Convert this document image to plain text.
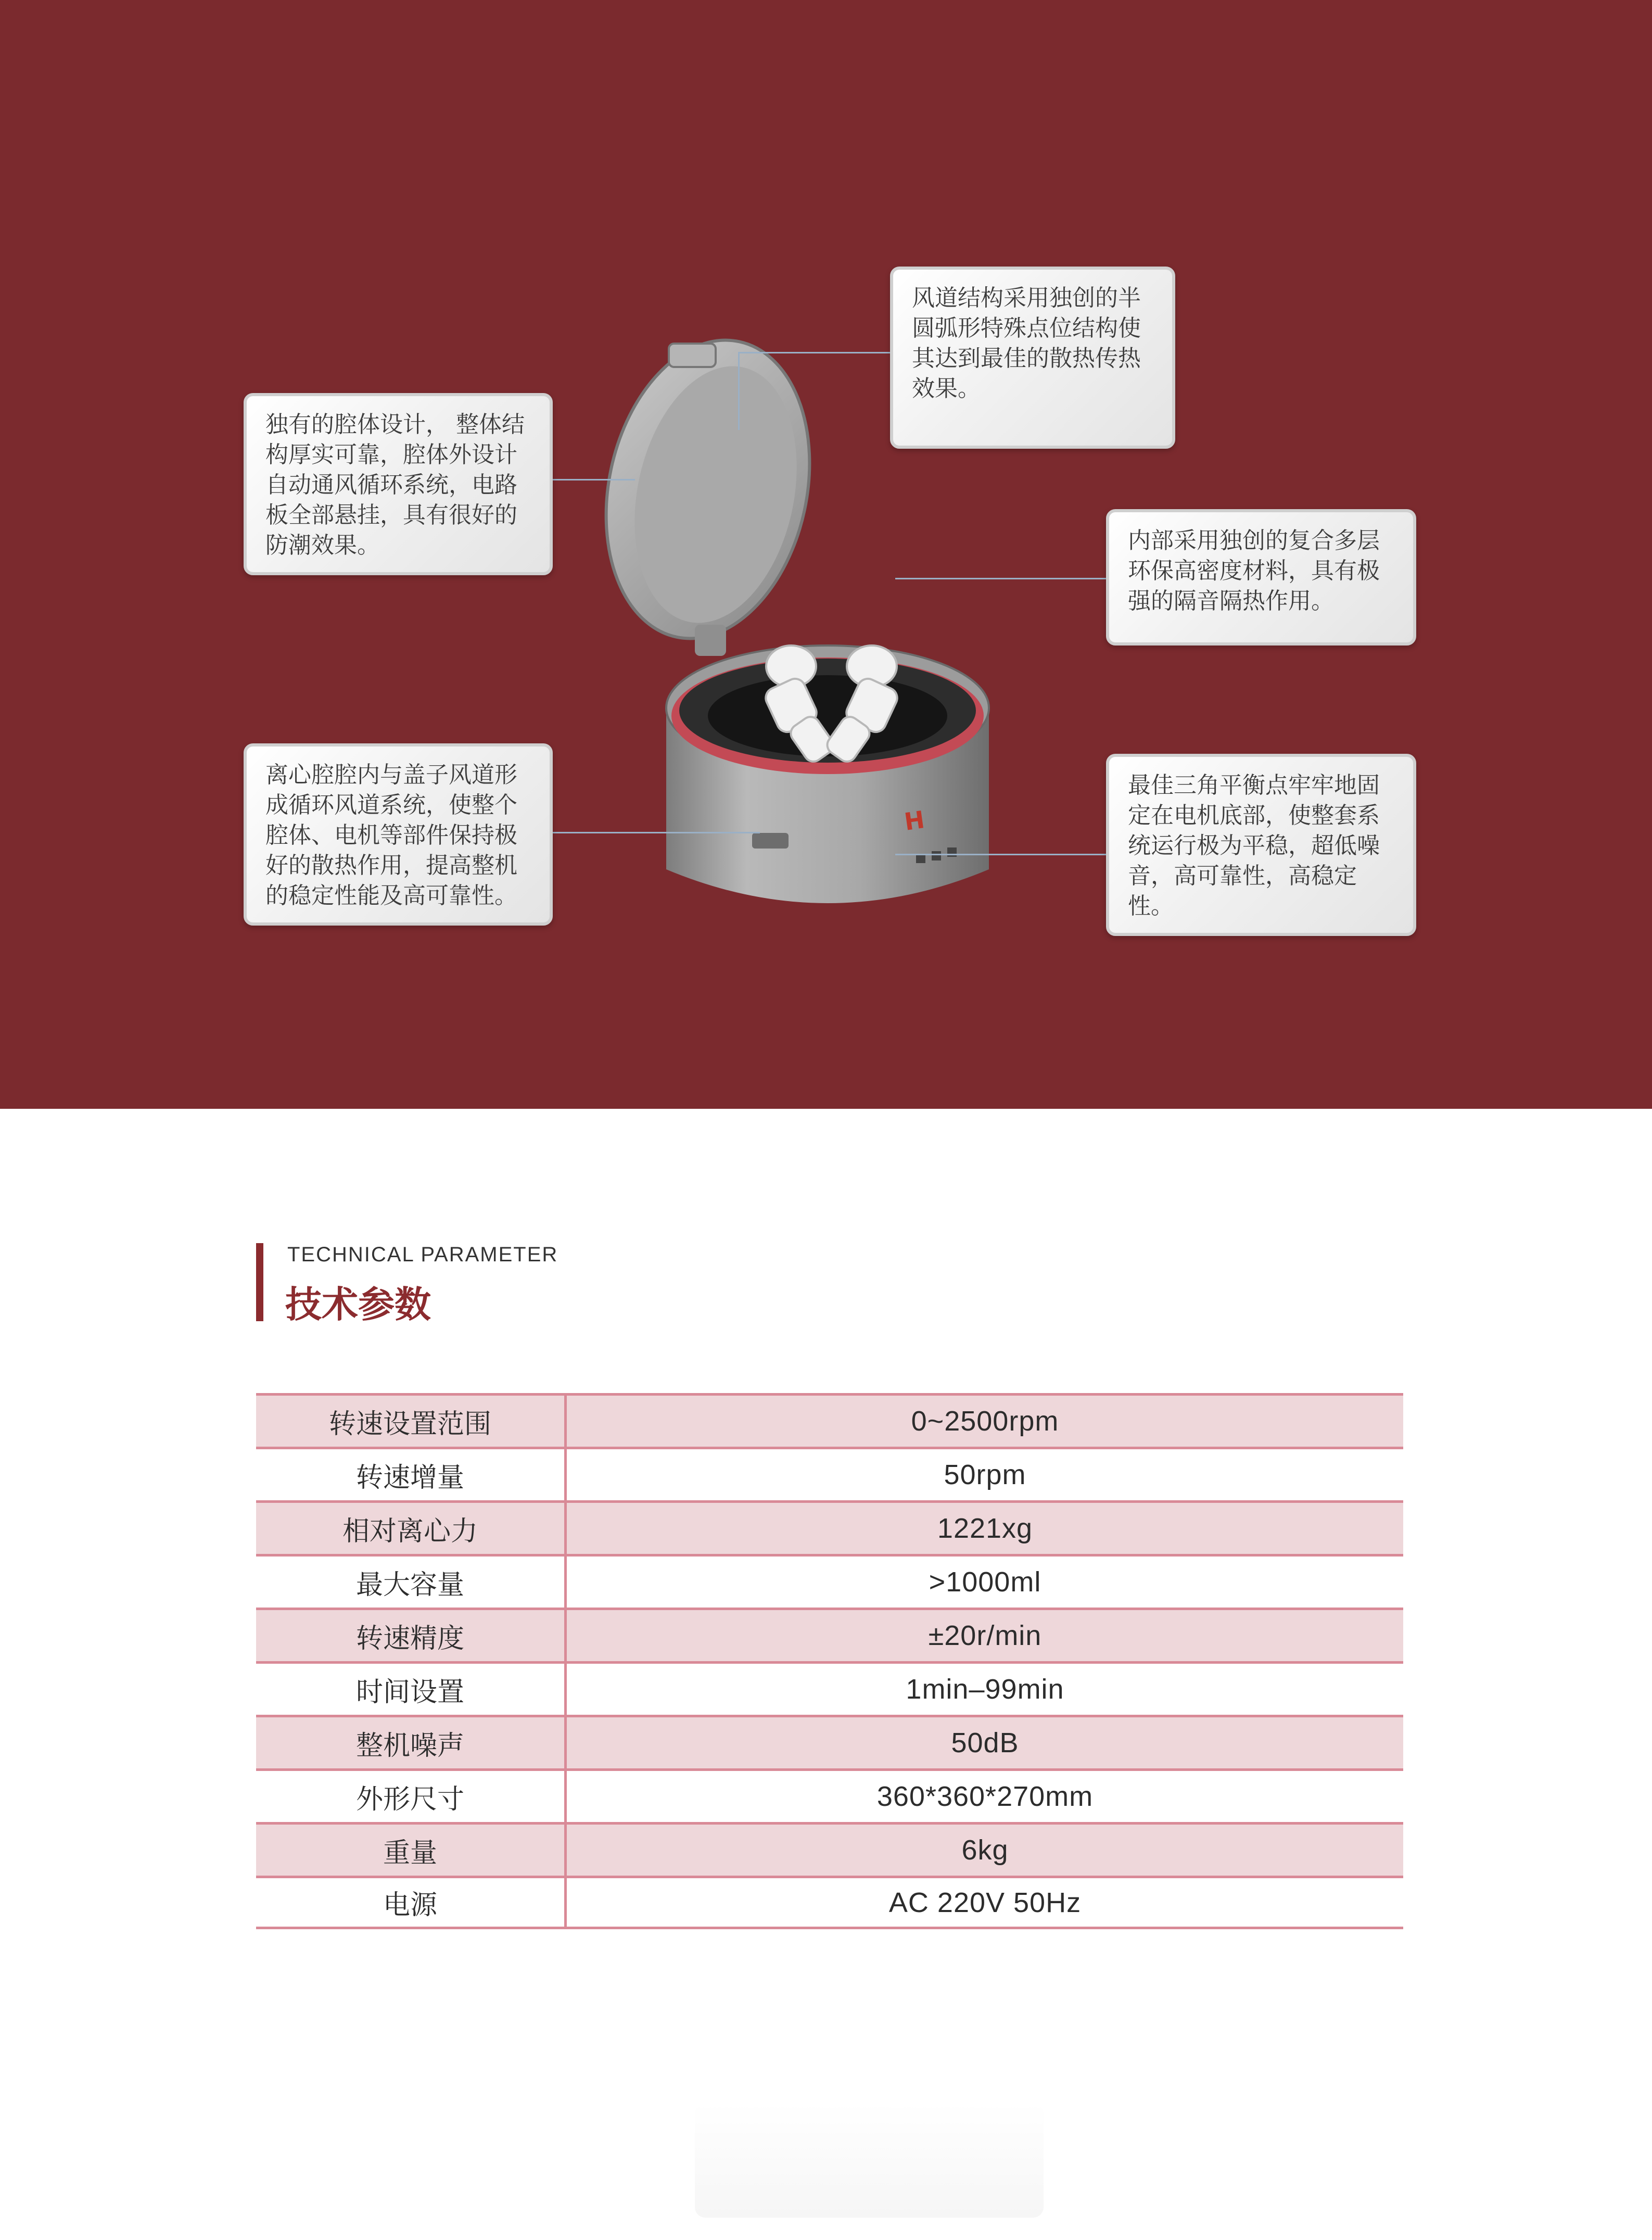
H
风道结构采用独创的半圆弧形特殊点位结构使其达到最佳的散热传热效果。
独有的腔体设计， 整体结构厚实可靠，腔体外设计自动通风循环系统，电路板全部悬挂，具有很好的防潮效果。	内部采用独创的复合多层环保高密度材料，具有极强的隔音隔热作用。
离心腔腔内与盖子风道形成循环风道系统，使整个腔体、电机等部件保持极好的散热作用，提高整机的稳定性能及高可靠性。
最佳三角平衡点牢牢地固定在电机底部，使整套系统运行极为平稳，超低噪音，高可靠性，高稳定性。
TECHNICAL PARAMETER
技术参数
转速设置范围	0~2500rpm
转速增量	50rpm
相对离心力	1221xg
最大容量	>1000ml
转速精度	±20r/min
时间设置	1min–99min
整机噪声	50dB
外形尺寸	360*360*270mm
重量	6kg
电源	AC 220V 50Hz
